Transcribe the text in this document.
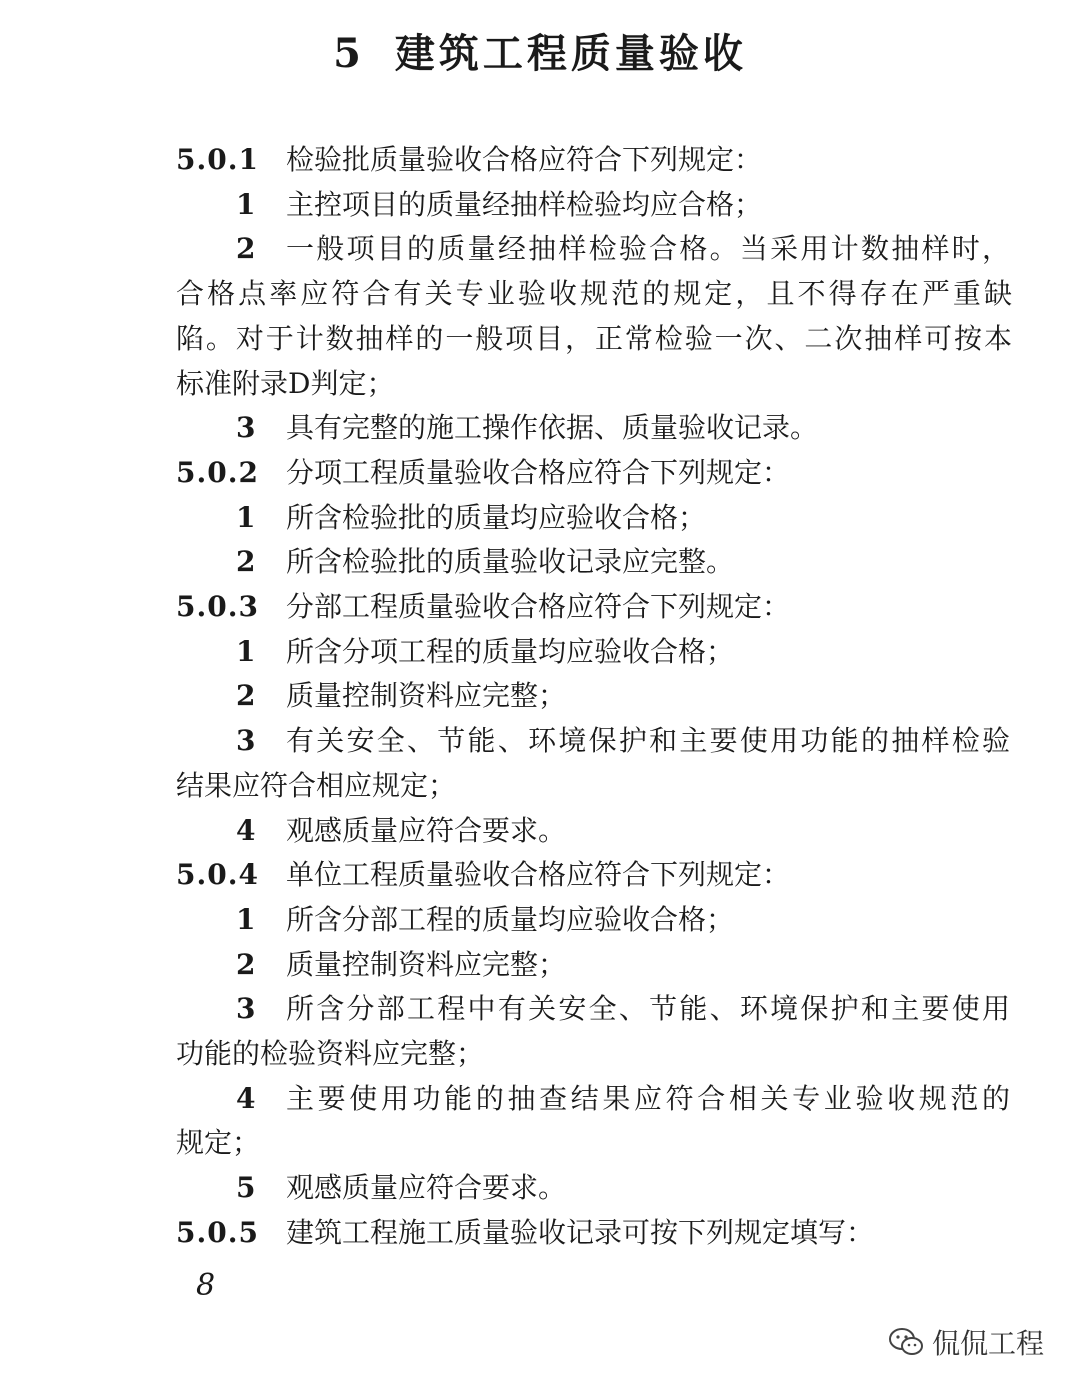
5 建筑工程质量验收
5.0.1 检验批质量验收合格应符合下列规定：
1 主控项目的质量经抽样检验均应合格；
2 一般项目的质量经抽样检验合格。当采用计数抽样时，
合格点率应符合有关专业验收规范的规定，且不得存在严重缺
陷。对于计数抽样的一般项目，正常检验一次、二次抽样可按本
标准附录D判定；
3 具有完整的施工操作依据、质量验收记录。
5.0.2 分项工程质量验收合格应符合下列规定：
1 所含检验批的质量均应验收合格；
2 所含检验批的质量验收记录应完整。
5.0.3 分部工程质量验收合格应符合下列规定：
1 所含分项工程的质量均应验收合格；
2 质量控制资料应完整；
3 有关安全、节能、环境保护和主要使用功能的抽样检验
结果应符合相应规定；
4 观感质量应符合要求。
5.0.4 单位工程质量验收合格应符合下列规定：
1 所含分部工程的质量均应验收合格；
2 质量控制资料应完整；
3 所含分部工程中有关安全、节能、环境保护和主要使用
功能的检验资料应完整；
4 主要使用功能的抽查结果应符合相关专业验收规范的
规定；
5 观感质量应符合要求。
5.0.5 建筑工程施工质量验收记录可按下列规定填写：
8
侃侃工程
